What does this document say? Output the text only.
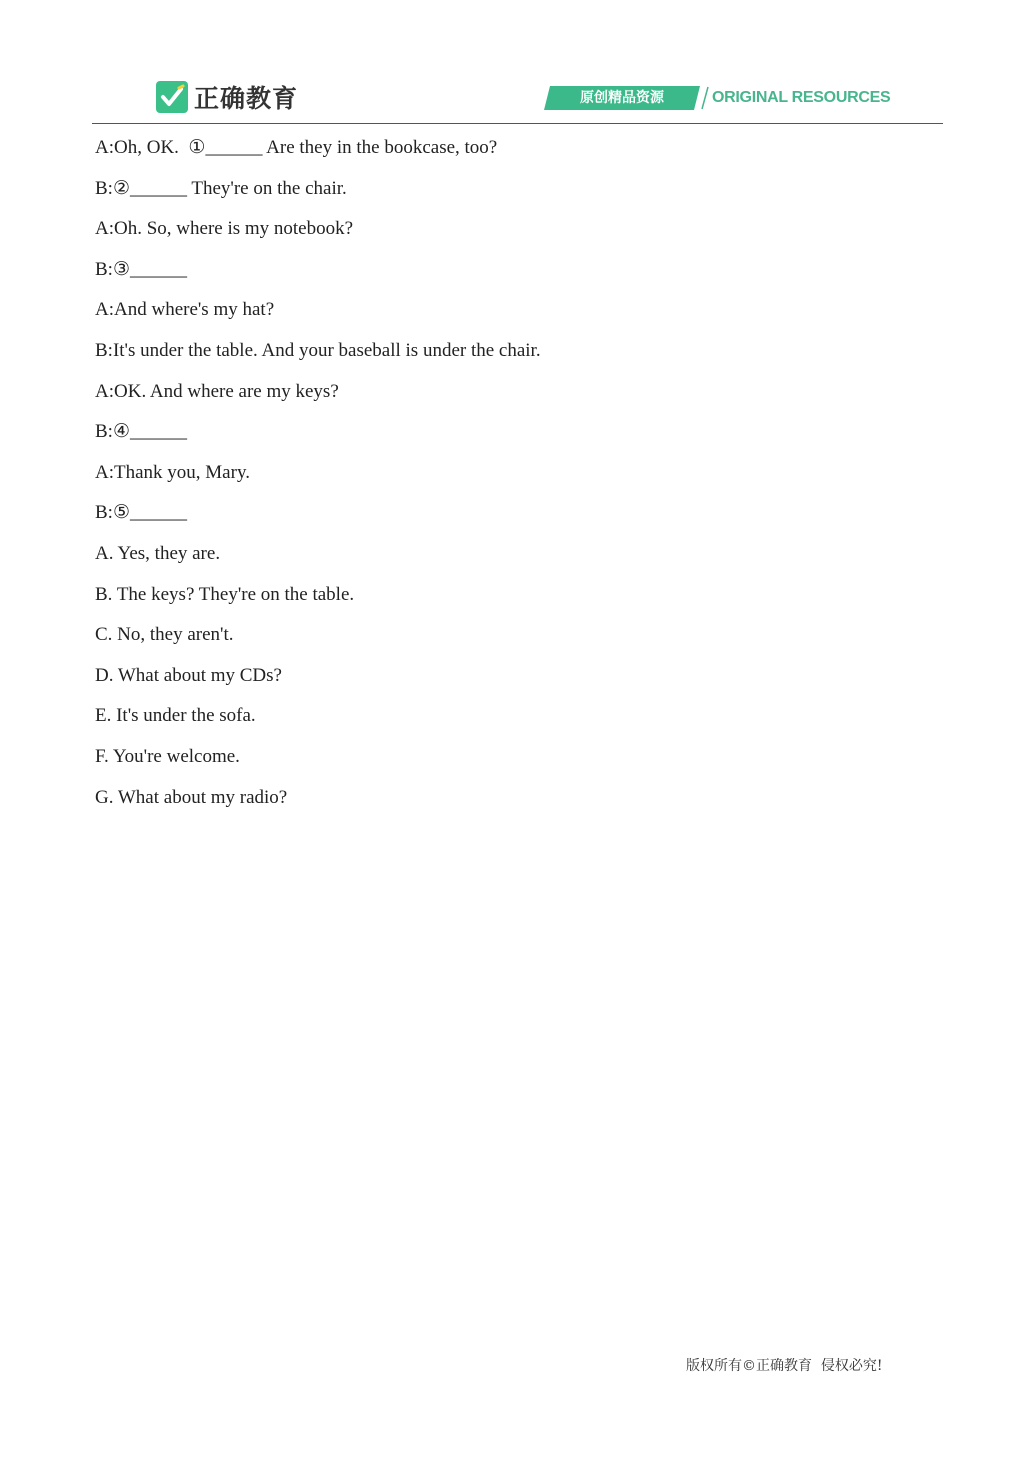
正确教育	原创精品资源	ORIGINAL RESOURCES
A:Oh, OK.  ①______ Are they in the bookcase, too?
B:②______ They're on the chair.
A:Oh. So, where is my notebook?
B:③______
A:And where's my hat?
B:It's under the table. And your baseball is under the chair.
A:OK. And where are my keys?
B:④______
A:Thank you, Mary.
B:⑤______
A. Yes, they are.
B. The keys? They're on the table.
C. No, they aren't.
D. What about my CDs?
E. It's under the sofa.
F. You're welcome.
G. What about my radio?
版权所有©正确教育  侵权必究!
